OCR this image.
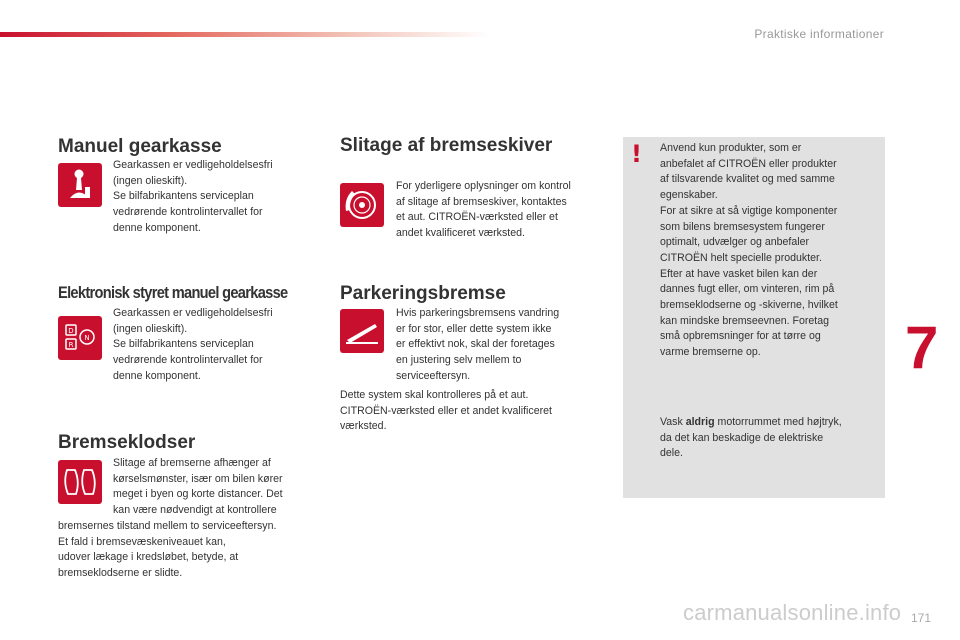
Praktiske informationer
7
Manuel gearkasse

Gearkassen er vedligeholdelsesfri

(ingen olieskift).

Se bilfabrikantens serviceplan

vedrørende kontrolintervallet for

denne komponent.

Elektronisk styret manuel gearkasse
D
R
N

Gearkassen er vedligeholdelsesfri

(ingen olieskift).

Se bilfabrikantens serviceplan

vedrørende kontrolintervallet for

denne komponent.

Bremseklodser

Slitage af bremserne afhænger af

kørselsmønster, især om bilen kører

meget i byen og korte distancer. Det

kan være nødvendigt at kontrollere

bremsernes tilstand mellem to serviceeftersyn.

Et fald i bremsevæskeniveauet kan,

udover lækage i kredsløbet, betyde, at

bremseklodserne er slidte.

Slitage af bremseskiver

For yderligere oplysninger om kontrol

af slitage af bremseskiver, kontaktes

et aut. CITROËN-værksted eller et

andet kvalificeret værksted.

Parkeringsbremse

Hvis parkeringsbremsens vandring

er for stor, eller dette system ikke

er effektivt nok, skal der foretages

en justering selv mellem to

serviceeftersyn.

Dette system skal kontrolleres på et aut.

CITROËN-værksted eller et andet kvalificeret

værksted.

! Anvend kun produkter, som er

anbefalet af CITROËN eller produkter

af tilsvarende kvalitet og med samme

egenskaber.

For at sikre at så vigtige komponenter

som bilens bremsesystem fungerer

optimalt, udvælger og anbefaler

CITROËN helt specielle produkter.

Efter at have vasket bilen kan der

dannes fugt eller, om vinteren, rim på

bremseklodserne og -skiverne, hvilket

kan mindske bremseevnen. Foretag

små opbremsninger for at tørre og

varme bremserne op.

Vask aldrig motorrummet med højtryk,

da det kan beskadige de elektriske

dele.

carmanualsonline.info 171
